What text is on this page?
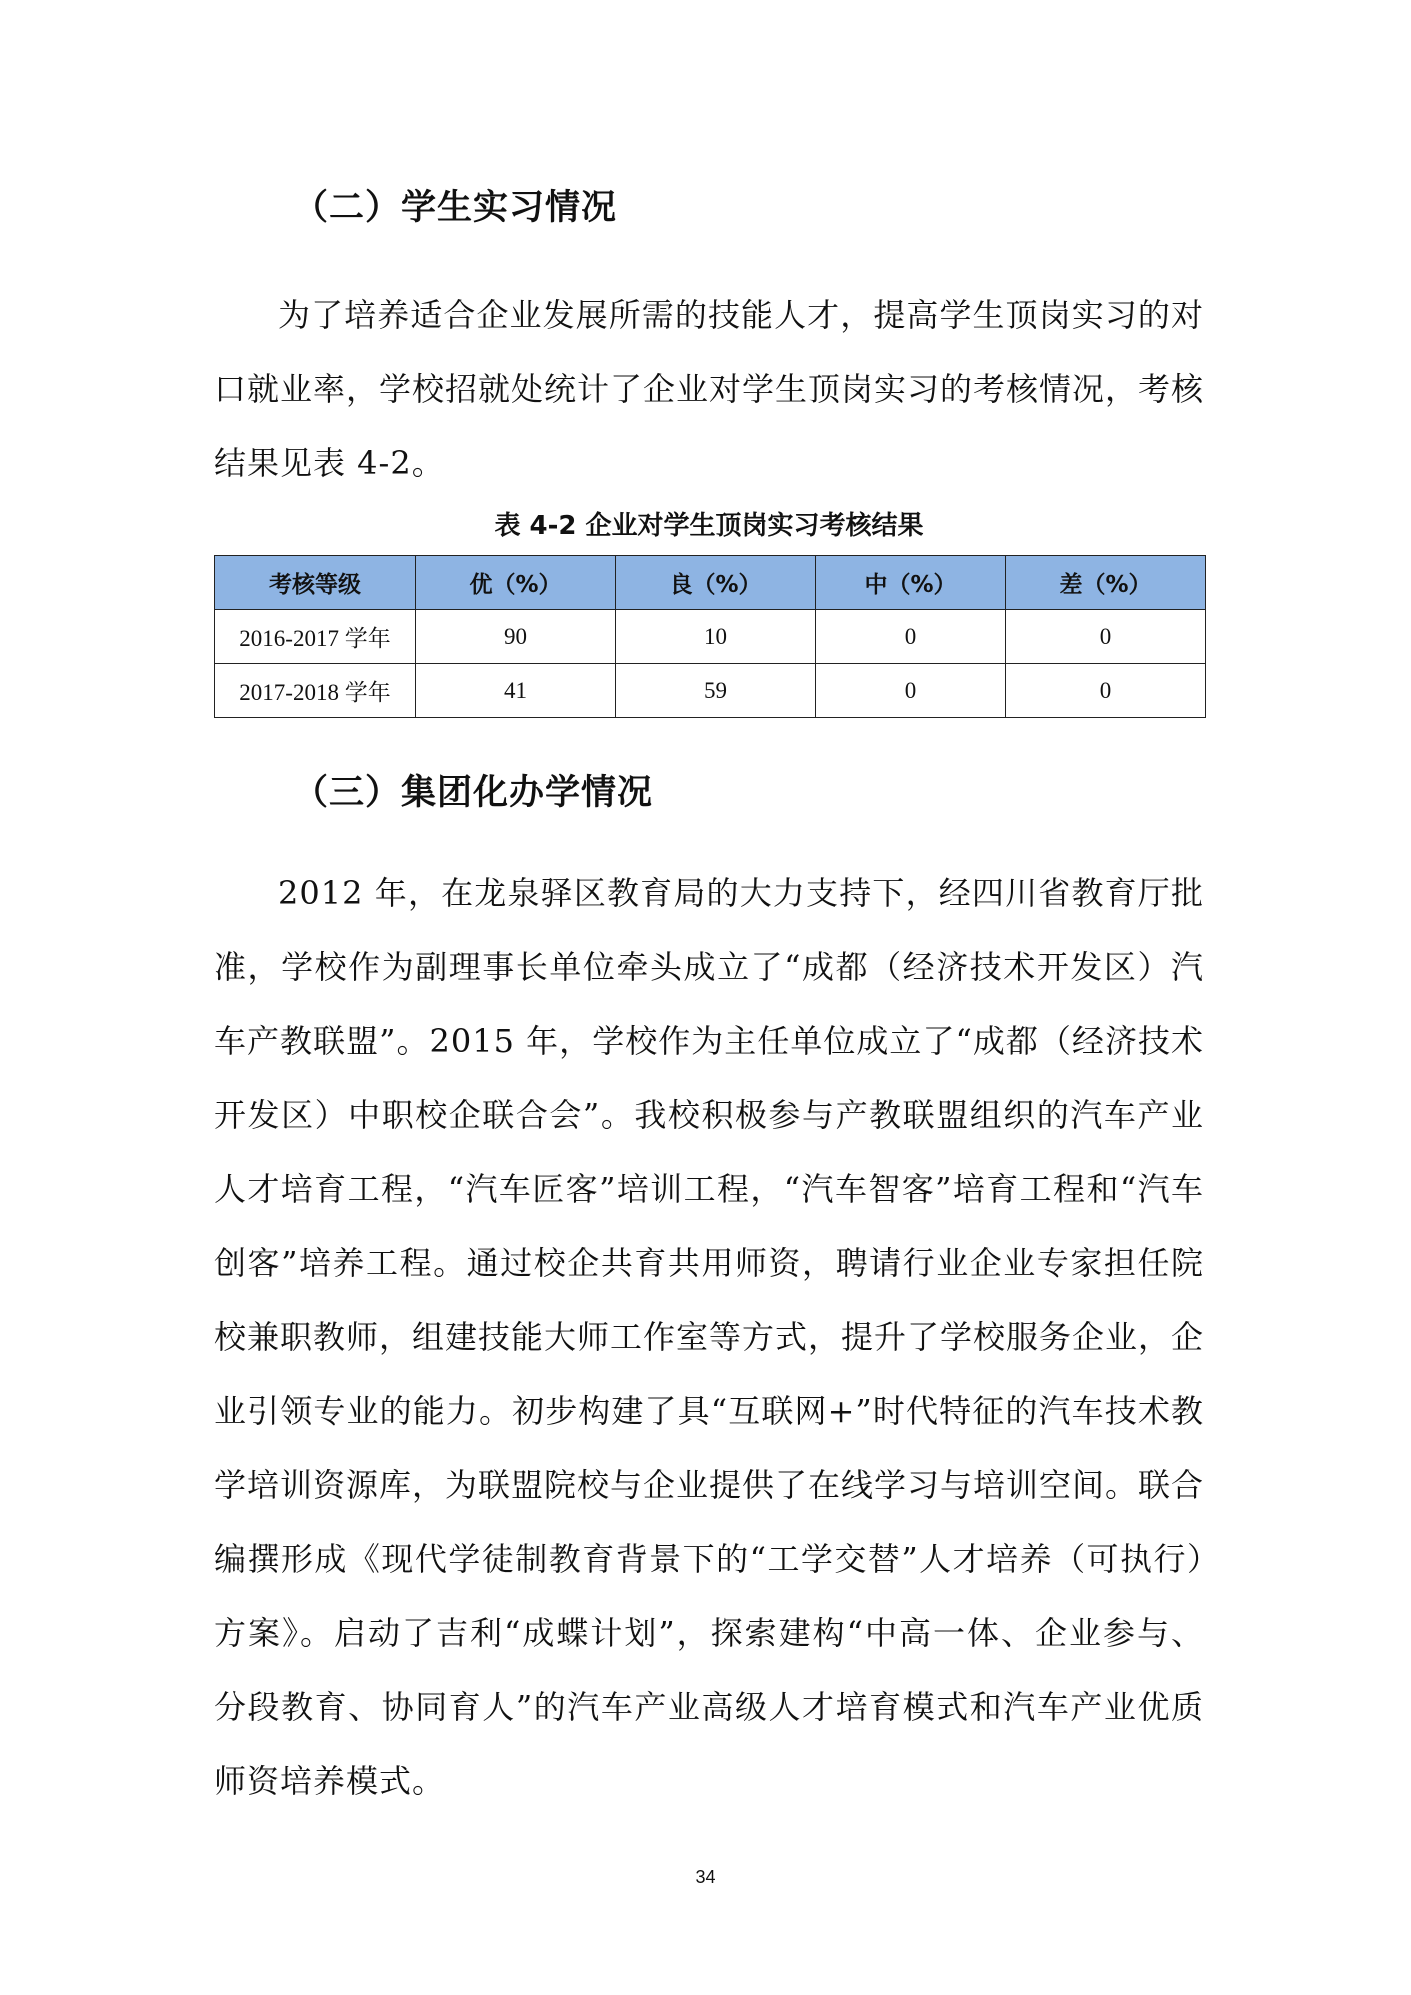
（二）学生实习情况

为了培养适合企业发展所需的技能人才，提高学生顶岗实习的对口就业率，学校招就处统计了企业对学生顶岗实习的考核情况，考核结果见表 4-2。

表 4-2 企业对学生顶岗实习考核结果
考核等级	优（%）	良（%）	中（%）	差（%）
2016-2017 学年	90	10	0	0
2017-2018 学年	41	59	0	0
（三）集团化办学情况

2012 年，在龙泉驿区教育局的大力支持下，经四川省教育厅批准，学校作为副理事长单位牵头成立了“成都（经济技术开发区）汽车产教联盟”。2015 年，学校作为主任单位成立了“成都（经济技术开发区）中职校企联合会”。我校积极参与产教联盟组织的汽车产业人才培育工程，“汽车匠客”培训工程，“汽车智客”培育工程和“汽车创客”培养工程。通过校企共育共用师资，聘请行业企业专家担任院校兼职教师，组建技能大师工作室等方式，提升了学校服务企业，企业引领专业的能力。初步构建了具“互联网+”时代特征的汽车技术教学培训资源库，为联盟院校与企业提供了在线学习与培训空间。联合编撰形成《现代学徒制教育背景下的“工学交替”人才培养（可执行）方案》。启动了吉利“成蝶计划”，探索建构“中高一体、企业参与、分段教育、协同育人”的汽车产业高级人才培育模式和汽车产业优质师资培养模式。

34
